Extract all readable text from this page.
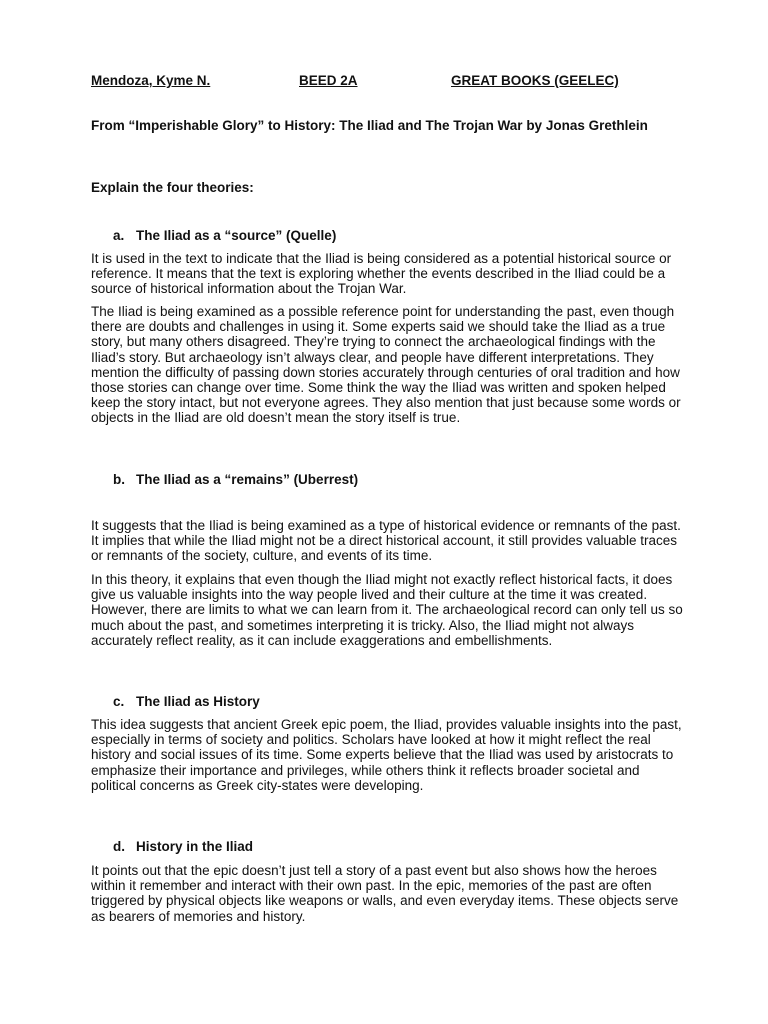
Mendoza, Kyme N.	BEED 2A	GREAT BOOKS (GEELEC)
From “Imperishable Glory” to History: The Iliad and The Trojan War by Jonas Grethlein
Explain the four theories:
a. The Iliad as a “source” (Quelle)

It is used in the text to indicate that the Iliad is being considered as a potential historical source or reference. It means that the text is exploring whether the events described in the Iliad could be a source of historical information about the Trojan War.

The Iliad is being examined as a possible reference point for understanding the past, even though there are doubts and challenges in using it. Some experts said we should take the Iliad as a true story, but many others disagreed. They’re trying to connect the archaeological findings with the Iliad’s story. But archaeology isn’t always clear, and people have different interpretations. They mention the difficulty of passing down stories accurately through centuries of oral tradition and how those stories can change over time. Some think the way the Iliad was written and spoken helped keep the story intact, but not everyone agrees. They also mention that just because some words or objects in the Iliad are old doesn’t mean the story itself is true.

b. The Iliad as a “remains” (Uberrest)

It suggests that the Iliad is being examined as a type of historical evidence or remnants of the past. It implies that while the Iliad might not be a direct historical account, it still provides valuable traces or remnants of the society, culture, and events of its time.

In this theory, it explains that even though the Iliad might not exactly reflect historical facts, it does give us valuable insights into the way people lived and their culture at the time it was created. However, there are limits to what we can learn from it. The archaeological record can only tell us so much about the past, and sometimes interpreting it is tricky. Also, the Iliad might not always accurately reflect reality, as it can include exaggerations and embellishments.

c. The Iliad as History

This idea suggests that ancient Greek epic poem, the Iliad, provides valuable insights into the past, especially in terms of society and politics. Scholars have looked at how it might reflect the real history and social issues of its time. Some experts believe that the Iliad was used by aristocrats to emphasize their importance and privileges, while others think it reflects broader societal and political concerns as Greek city-states were developing.

d. History in the Iliad

It points out that the epic doesn’t just tell a story of a past event but also shows how the heroes within it remember and interact with their own past. In the epic, memories of the past are often triggered by physical objects like weapons or walls, and even everyday items. These objects serve as bearers of memories and history.
